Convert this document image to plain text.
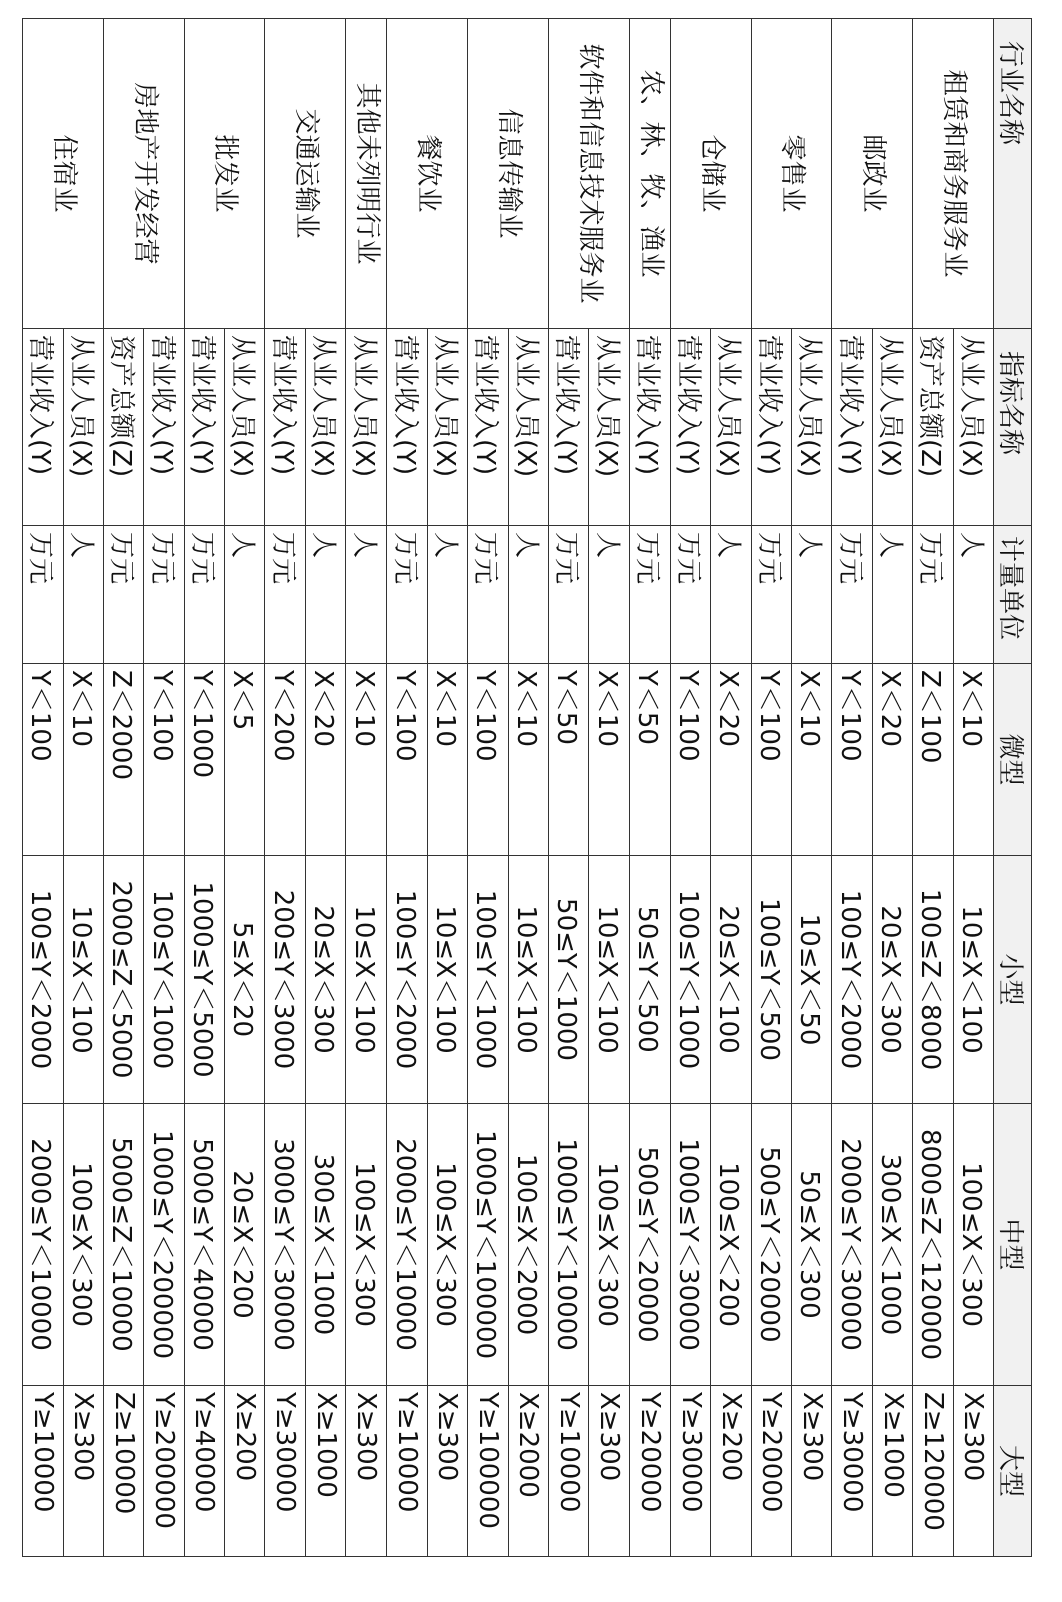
行业名称	指标名称	计量单位	微型	小型	中型	大型
租赁和商务服务业	从业人员(X)	人	X＜10	10≤X＜100	100≤X＜300	X≥300
	资产总额(Z)	万元	Z＜100	100≤Z＜8000	8000≤Z＜120000	Z≥120000
邮政业	从业人员(X)	人	X＜20	20≤X＜300	300≤X＜1000	X≥1000
	营业收入(Y)	万元	Y＜100	100≤Y＜2000	2000≤Y＜30000	Y≥30000
零售业	从业人员(X)	人	X＜10	10≤X＜50	50≤X＜300	X≥300
	营业收入(Y)	万元	Y＜100	100≤Y＜500	500≤Y＜20000	Y≥20000
仓储业	从业人员(X)	人	X＜20	20≤X＜100	100≤X＜200	X≥200
	营业收入(Y)	万元	Y＜100	100≤Y＜1000	1000≤Y＜30000	Y≥30000
农、林、牧、渔业	营业收入(Y)	万元	Y＜50	50≤Y＜500	500≤Y＜20000	Y≥20000
软件和信息技术服务业	从业人员(X)	人	X＜10	10≤X＜100	100≤X＜300	X≥300
	营业收入(Y)	万元	Y＜50	50≤Y＜1000	1000≤Y＜10000	Y≥10000
信息传输业	从业人员(X)	人	X＜10	10≤X＜100	100≤X＜2000	X≥2000
	营业收入(Y)	万元	Y＜100	100≤Y＜1000	1000≤Y＜100000	Y≥100000
餐饮业	从业人员(X)	人	X＜10	10≤X＜100	100≤X＜300	X≥300
	营业收入(Y)	万元	Y＜100	100≤Y＜2000	2000≤Y＜10000	Y≥10000
其他未列明行业	从业人员(X)	人	X＜10	10≤X＜100	100≤X＜300	X≥300
交通运输业	从业人员(X)	人	X＜20	20≤X＜300	300≤X＜1000	X≥1000
	营业收入(Y)	万元	Y＜200	200≤Y＜3000	3000≤Y＜30000	Y≥30000
批发业	从业人员(X)	人	X＜5	5≤X＜20	20≤X＜200	X≥200
	营业收入(Y)	万元	Y＜1000	1000≤Y＜5000	5000≤Y＜40000	Y≥40000
房地产开发经营	营业收入(Y)	万元	Y＜100	100≤Y＜1000	1000≤Y＜200000	Y≥200000
	资产总额(Z)	万元	Z＜2000	2000≤Z＜5000	5000≤Z＜10000	Z≥10000
住宿业	从业人员(X)	人	X＜10	10≤X＜100	100≤X＜300	X≥300
	营业收入(Y)	万元	Y＜100	100≤Y＜2000	2000≤Y＜10000	Y≥10000
